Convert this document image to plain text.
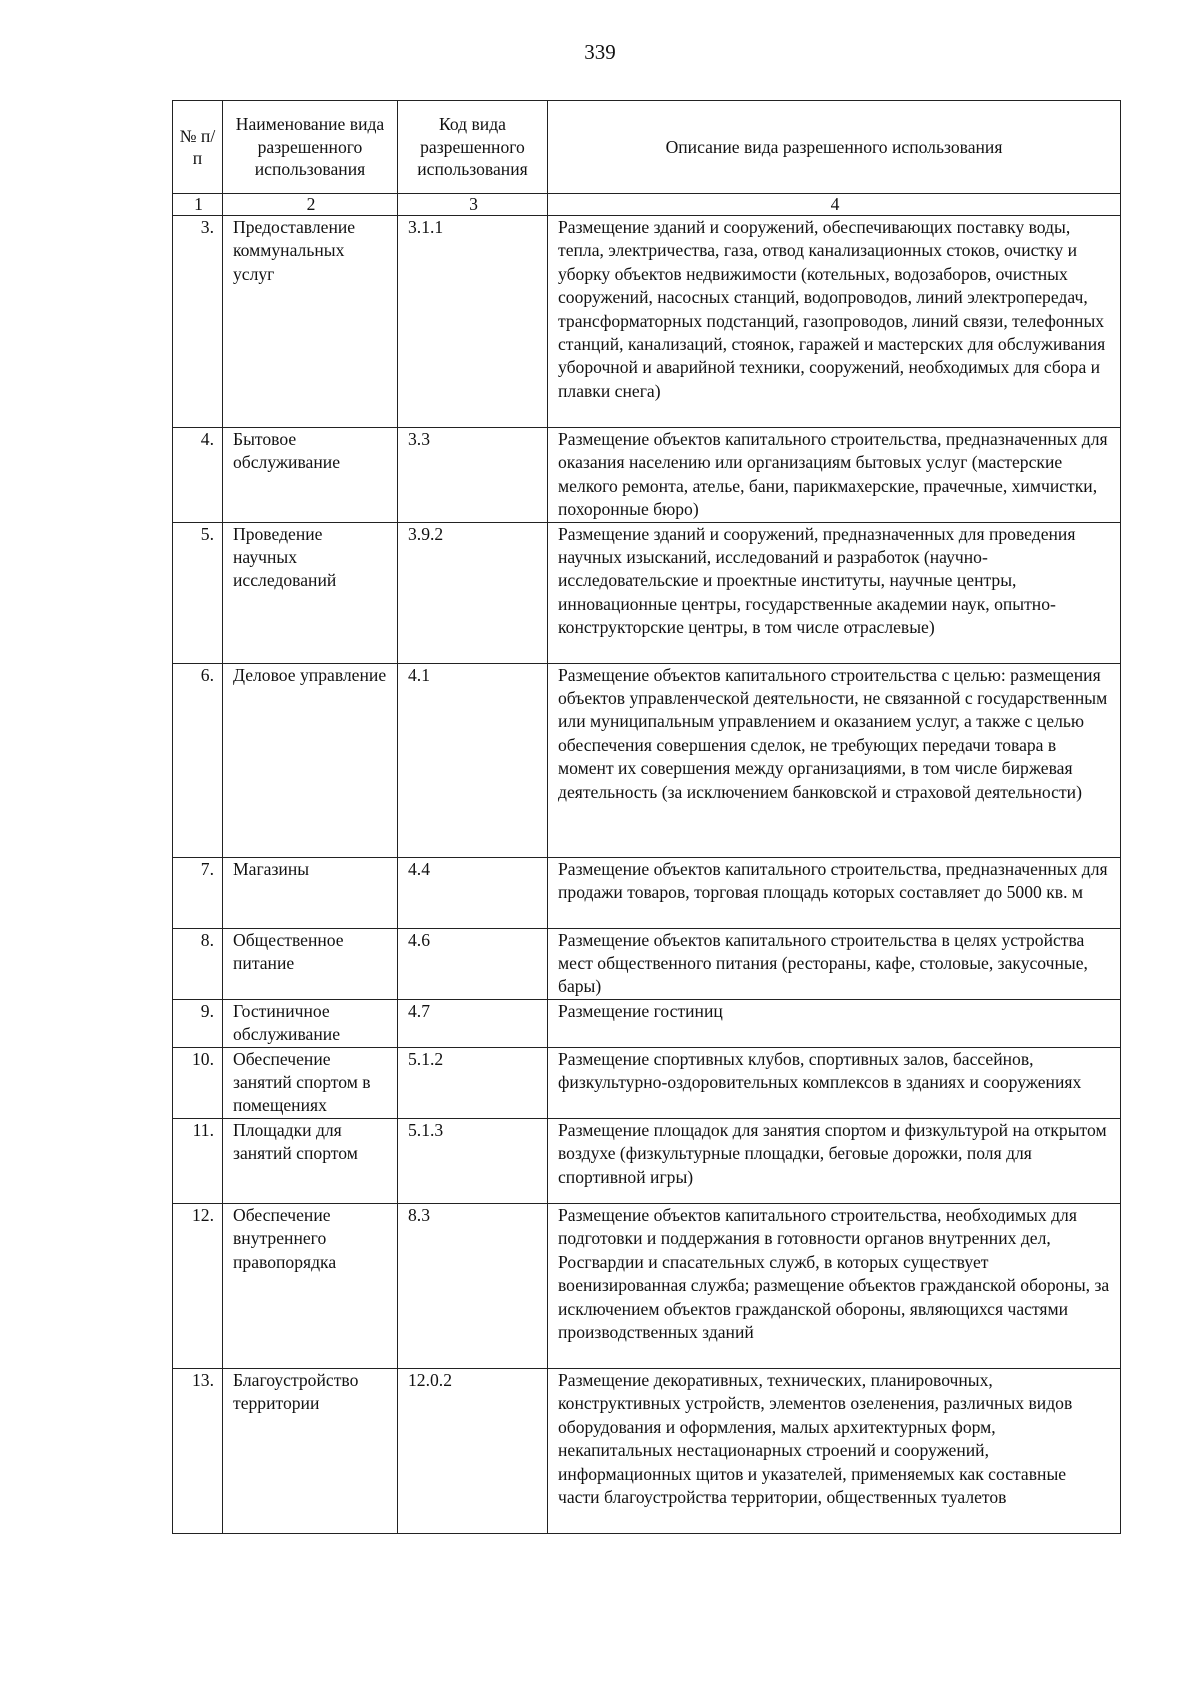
339
№ п/п	Наименование вида разрешенного использования	Код вида разрешенного использования	Описание вида разрешенного использования
1	2	3	4
3.	Предоставление коммунальных услуг	3.1.1	Размещение зданий и сооружений, обеспечивающих поставку воды, тепла, электричества, газа, отвод канализационных стоков, очистку и уборку объектов недвижимости (котельных, водозаборов, очистных сооружений, насосных станций, водопроводов, линий электропередач, трансформаторных подстанций, газопроводов, линий связи, телефонных станций, канализаций, стоянок, гаражей и мастерских для обслуживания уборочной и аварийной техники, сооружений, необходимых для сбора и плавки снега)
4.	Бытовое обслуживание	3.3	Размещение объектов капитального строительства, предназначенных для оказания населению или организациям бытовых услуг (мастерские мелкого ремонта, ателье, бани, парикмахерские, прачечные, химчистки, похоронные бюро)
5.	Проведение научных исследований	3.9.2	Размещение зданий и сооружений, предназначенных для проведения научных изысканий, исследований и разработок (научно-исследовательские и проектные институты, научные центры, инновационные центры, государственные академии наук, опытно-конструкторские центры, в том числе отраслевые)
6.	Деловое управление	4.1	Размещение объектов капитального строительства с целью: размещения объектов управленческой деятельности, не связанной с государственным или муниципальным управлением и оказанием услуг, а также с целью обеспечения совершения сделок, не требующих передачи товара в момент их совершения между организациями, в том числе биржевая деятельность (за исключением банковской и страховой деятельности)
7.	Магазины	4.4	Размещение объектов капитального строительства, предназначенных для продажи товаров, торговая площадь которых составляет до 5000 кв. м
8.	Общественное питание	4.6	Размещение объектов капитального строительства в целях устройства мест общественного питания (рестораны, кафе, столовые, закусочные, бары)
9.	Гостиничное обслуживание	4.7	Размещение гостиниц
10.	Обеспечение занятий спортом в помещениях	5.1.2	Размещение спортивных клубов, спортивных залов, бассейнов, физкультурно-оздоровительных комплексов в зданиях и сооружениях
11.	Площадки для занятий спортом	5.1.3	Размещение площадок для занятия спортом и физкультурой на открытом воздухе (физкультурные площадки, беговые дорожки, поля для спортивной игры)
12.	Обеспечение внутреннего правопорядка	8.3	Размещение объектов капитального строительства, необходимых для подготовки и поддержания в готовности органов внутренних дел, Росгвардии и спасательных служб, в которых существует военизированная служба; размещение объектов гражданской обороны, за исключением объектов гражданской обороны, являющихся частями производственных зданий
13.	Благоустройство территории	12.0.2	Размещение декоративных, технических, планировочных, конструктивных устройств, элементов озеленения, различных видов оборудования и оформления, малых архитектурных форм, некапитальных нестационарных строений и сооружений, информационных щитов и указателей, применяемых как составные части благоустройства территории, общественных туалетов
